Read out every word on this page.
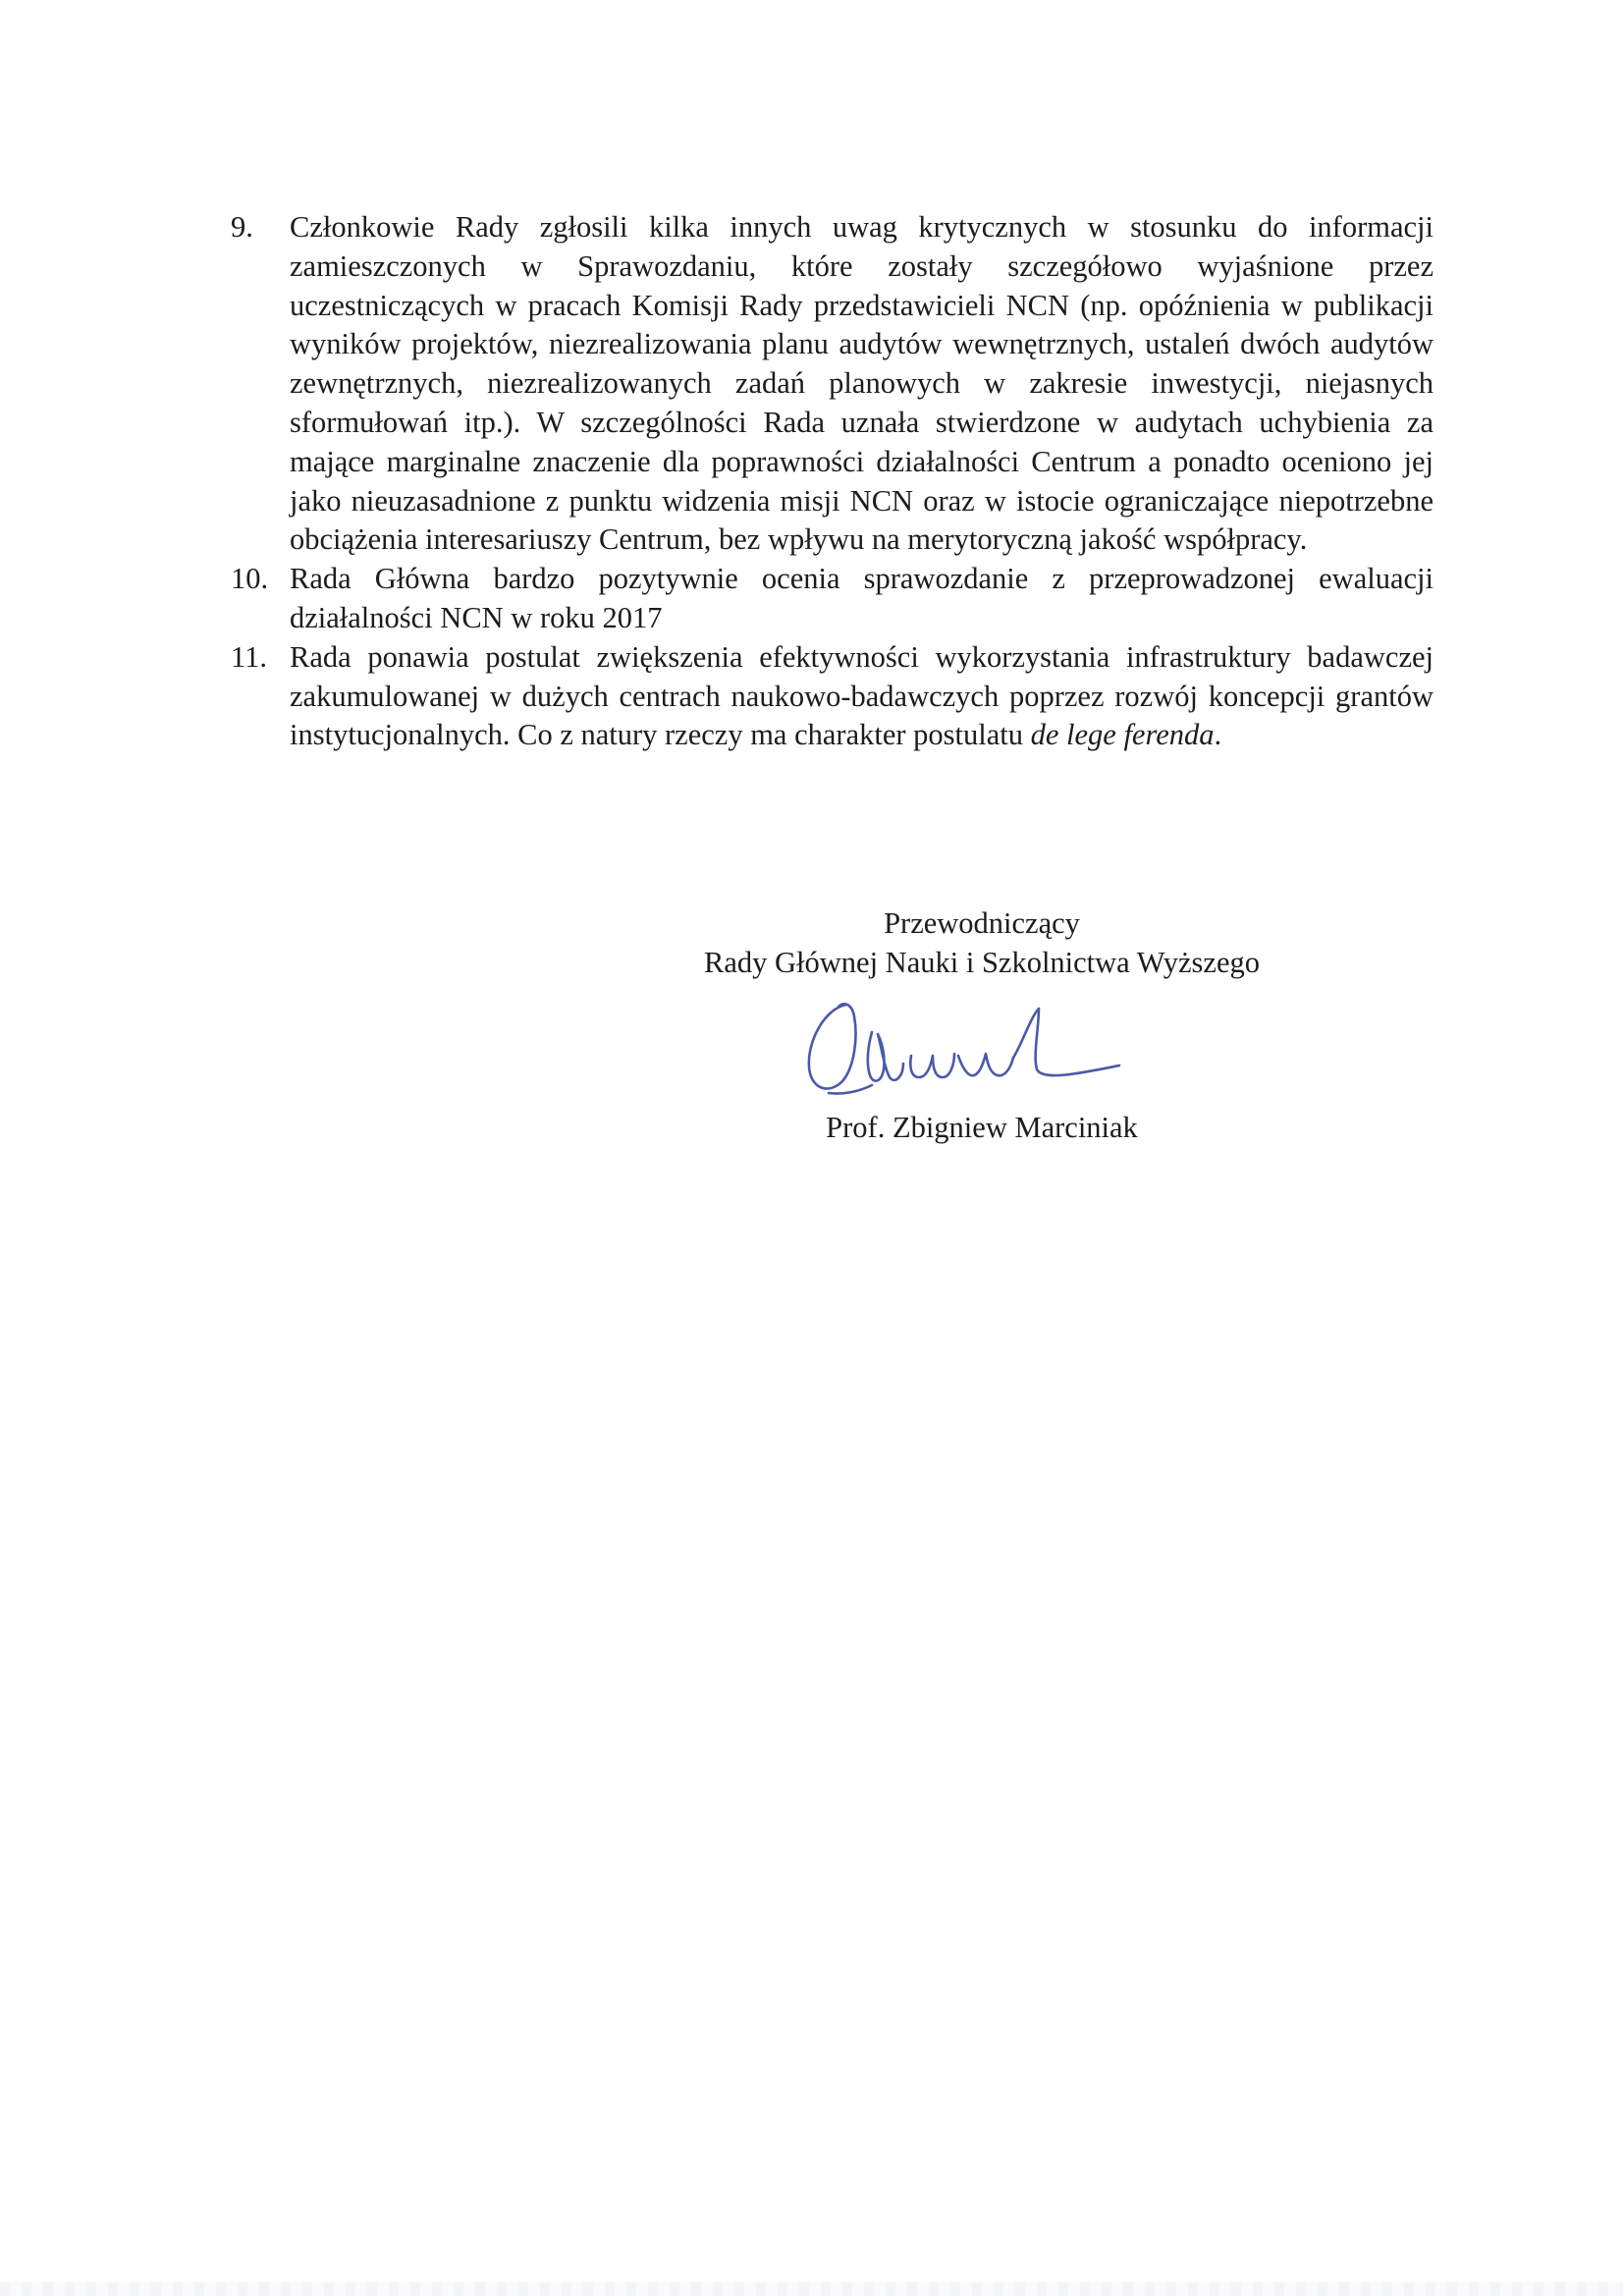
9.	Członkowie Rady zgłosili kilka innych uwag krytycznych w stosunku do informacji zamieszczonych w Sprawozdaniu, które zostały szczegółowo wyjaśnione przez uczestniczących w pracach Komisji Rady przedstawicieli NCN (np. opóźnienia w publikacji wyników projektów, niezrealizowania planu audytów wewnętrznych, ustaleń dwóch audytów zewnętrznych, niezrealizowanych zadań planowych w zakresie inwestycji, niejasnych sformułowań itp.). W szczególności Rada uznała stwierdzone w audytach uchybienia za mające marginalne znaczenie dla poprawności działalności Centrum a ponadto oceniono jej jako nieuzasadnione z punktu widzenia misji NCN oraz w istocie ograniczające niepotrzebne obciążenia interesariuszy Centrum, bez wpływu na merytoryczną jakość współpracy.
10. Rada Główna bardzo pozytywnie ocenia sprawozdanie z przeprowadzonej ewaluacji działalności NCN w roku 2017
11. Rada ponawia postulat zwiększenia efektywności wykorzystania infrastruktury badawczej zakumulowanej w dużych centrach naukowo-badawczych poprzez rozwój koncepcji grantów instytucjonalnych. Co z natury rzeczy ma charakter postulatu de lege ferenda.
Przewodniczący
Rady Głównej Nauki i Szkolnictwa Wyższego
Prof. Zbigniew Marciniak
